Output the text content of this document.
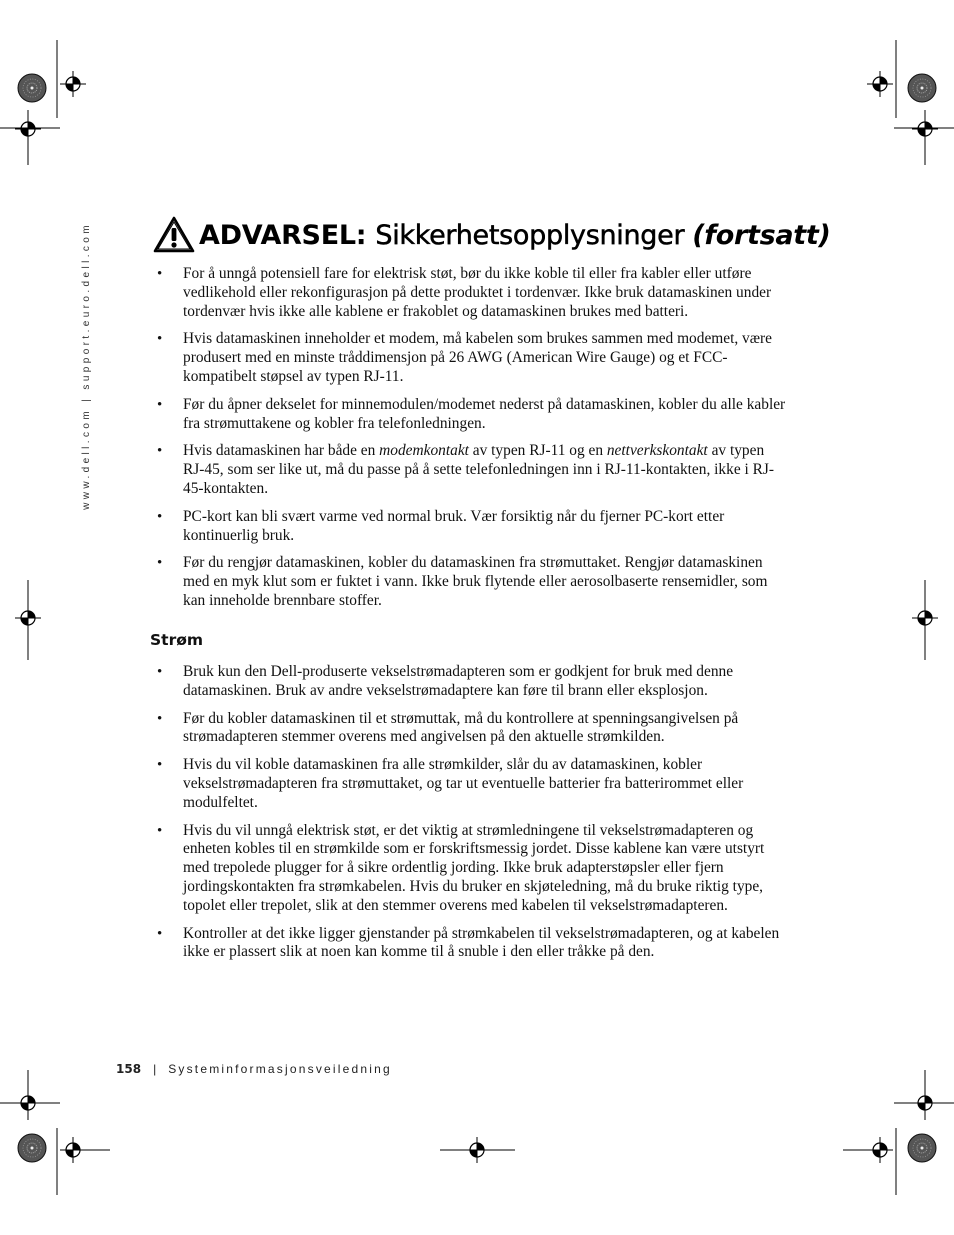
www.dell.com | support.euro.dell.com	ADVARSEL:
Sikkerhetsopplysninger (fortsatt)
• For å unngå potensiell fare for elektrisk støt, bør du ikke koble til eller fra kabler eller utføre vedlikehold eller rekonfigurasjon på dette produktet i tordenvær. Ikke bruk datamaskinen under tordenvær hvis ikke alle kablene er frakoblet og datamaskinen brukes med batteri.
• Hvis datamaskinen inneholder et modem, må kabelen som brukes sammen med modemet, være produsert med en minste tråddimensjon på 26 AWG (American Wire Gauge) og et FCC-kompatibelt støpsel av typen RJ-11.
• Før du åpner dekselet for minnemodulen/modemet nederst på datamaskinen, kobler du alle kabler fra strømuttakene og kobler fra telefonledningen.
• Hvis datamaskinen har både en modemkontakt av typen RJ-11 og en nettverkskontakt av typen RJ-45, som ser like ut, må du passe på å sette telefonledningen inn i RJ-11-kontakten, ikke i RJ-45-kontakten.
• PC-kort kan bli svært varme ved normal bruk. Vær forsiktig når du fjerner PC-kort etter kontinuerlig bruk.
• Før du rengjør datamaskinen, kobler du datamaskinen fra strømuttaket. Rengjør datamaskinen med en myk klut som er fuktet i vann. Ikke bruk flytende eller aerosolbaserte rensemidler, som kan inneholde brennbare stoffer.
Strøm
• Bruk kun den Dell-produserte vekselstrømadapteren som er godkjent for bruk med denne datamaskinen. Bruk av andre vekselstrømadaptere kan føre til brann eller eksplosjon.
• Før du kobler datamaskinen til et strømuttak, må du kontrollere at spenningsangivelsen på strømadapteren stemmer overens med angivelsen på den aktuelle strømkilden.
• Hvis du vil koble datamaskinen fra alle strømkilder, slår du av datamaskinen, kobler vekselstrømadapteren fra strømuttaket, og tar ut eventuelle batterier fra batterirommet eller modulfeltet.
• Hvis du vil unngå elektrisk støt, er det viktig at strømledningene til vekselstrømadapteren og enheten kobles til en strømkilde som er forskriftsmessig jordet. Disse kablene kan være utstyrt med trepolede plugger for å sikre ordentlig jording. Ikke bruk adapterstøpsler eller fjern jordingskontakten fra strømkabelen. Hvis du bruker en skjøteledning, må du bruke riktig type, topolet eller trepolet, slik at den stemmer overens med kabelen til vekselstrømadapteren.
• Kontroller at det ikke ligger gjenstander på strømkabelen til vekselstrømadapteren, og at kabelen ikke er plassert slik at noen kan komme til å snuble i den eller tråkke på den.
158 | Systeminformasjonsveiledning
